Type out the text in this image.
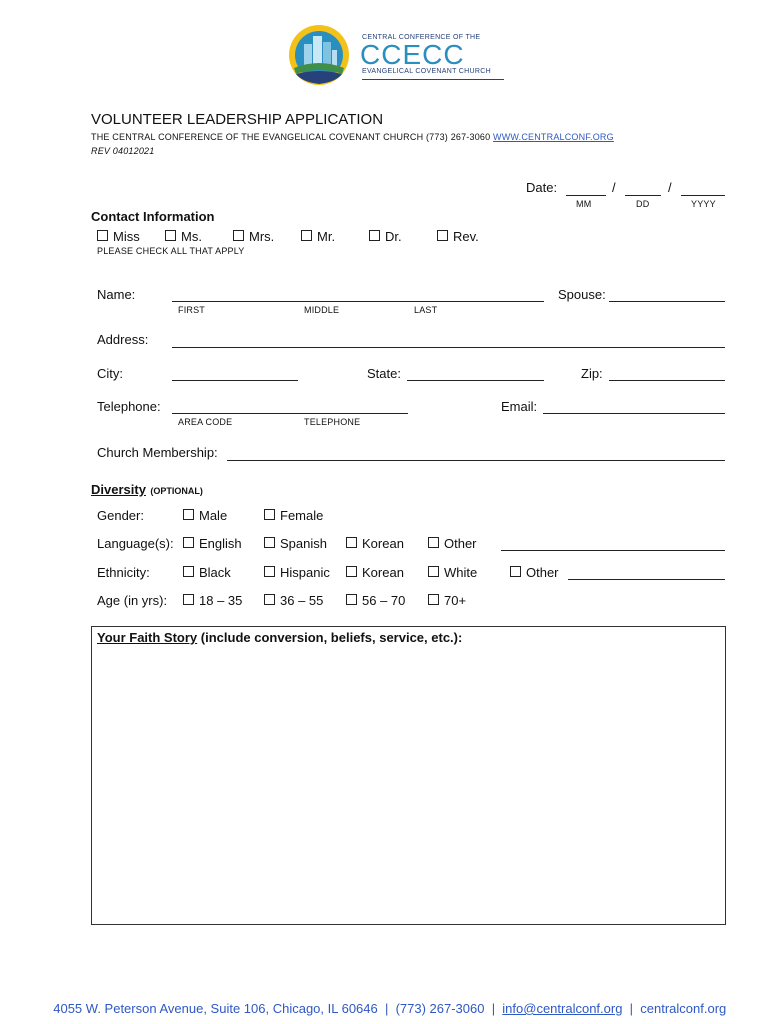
CENTRAL CONFERENCE OF THE
CCECC
EVANGELICAL COVENANT CHURCH
VOLUNTEER LEADERSHIP APPLICATION
THE CENTRAL CONFERENCE OF THE EVANGELICAL COVENANT CHURCH (773) 267-3060 WWW.CENTRALCONF.ORG
REV 04012021
Date:	/	/
MM	DD	YYYY
Contact Information
Miss	Ms.	Mrs.	Mr.	Dr.	Rev.
PLEASE CHECK ALL THAT APPLY
Name:
FIRST	MIDDLE	LAST
Spouse:
Address:
City:	State:	Zip:
Telephone:
AREA CODE	TELEPHONE
Email:
Church Membership:
Diversity (OPTIONAL)
Gender:	Male	Female
Language(s):	English	Spanish	Korean	Other
Ethnicity:	Black	Hispanic	Korean	White	Other
Age (in yrs):	18 – 35	36 – 55	56 – 70	70+
Your Faith Story (include conversion, beliefs, service, etc.):

4055 W. Peterson Avenue, Suite 106, Chicago, IL 60646  |  (773) 267-3060  |  info@centralconf.org  |  centralconf.org
